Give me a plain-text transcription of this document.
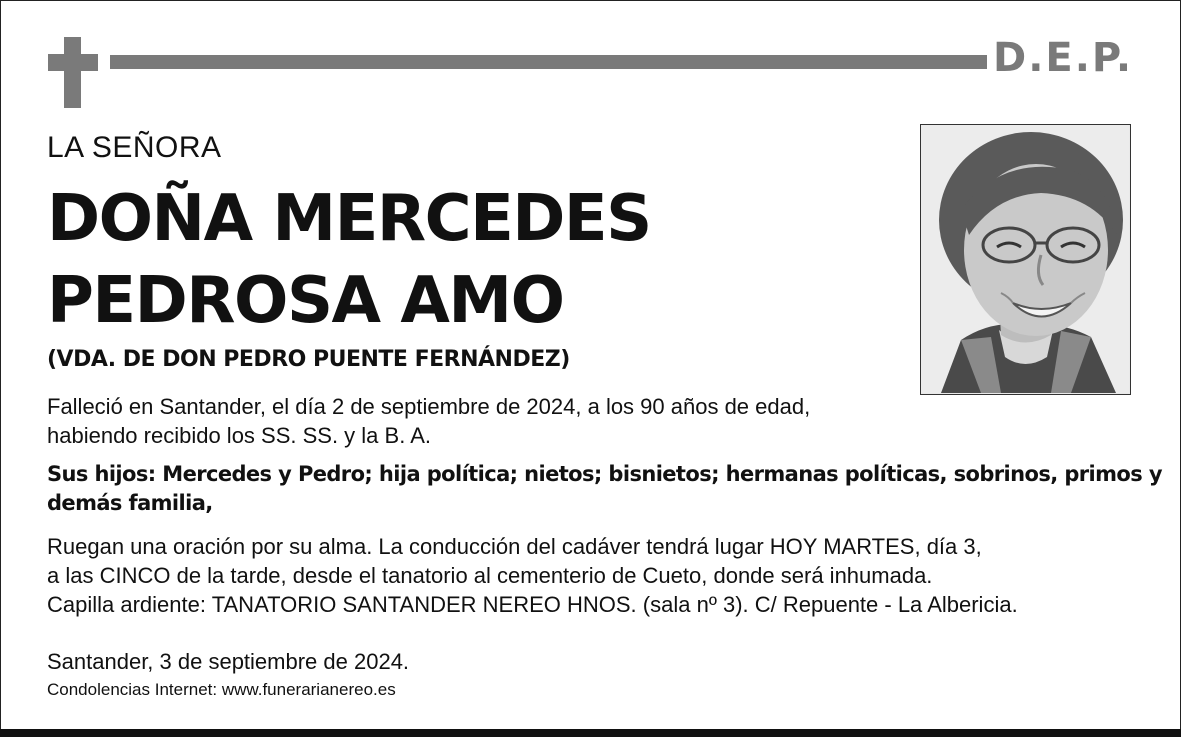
D.E.P.
LA SEÑORA
DOÑA MERCEDES
PEDROSA AMO
(VDA. DE DON PEDRO PUENTE FERNÁNDEZ)
Falleció en Santander, el día 2 de septiembre de 2024, a los 90 años de edad,
habiendo recibido los SS. SS. y la B. A.
Sus hijos: Mercedes y Pedro; hija política; nietos; bisnietos; hermanas políticas, sobrinos, primos y
demás familia,
Ruegan una oración por su alma. La conducción del cadáver tendrá lugar HOY MARTES, día 3,
a las CINCO de la tarde, desde el tanatorio al cementerio de Cueto, donde será inhumada.
Capilla ardiente: TANATORIO SANTANDER NEREO HNOS. (sala nº 3). C/ Repuente - La Albericia.
Santander, 3 de septiembre de 2024.
Condolencias Internet: www.funerarianereo.es
